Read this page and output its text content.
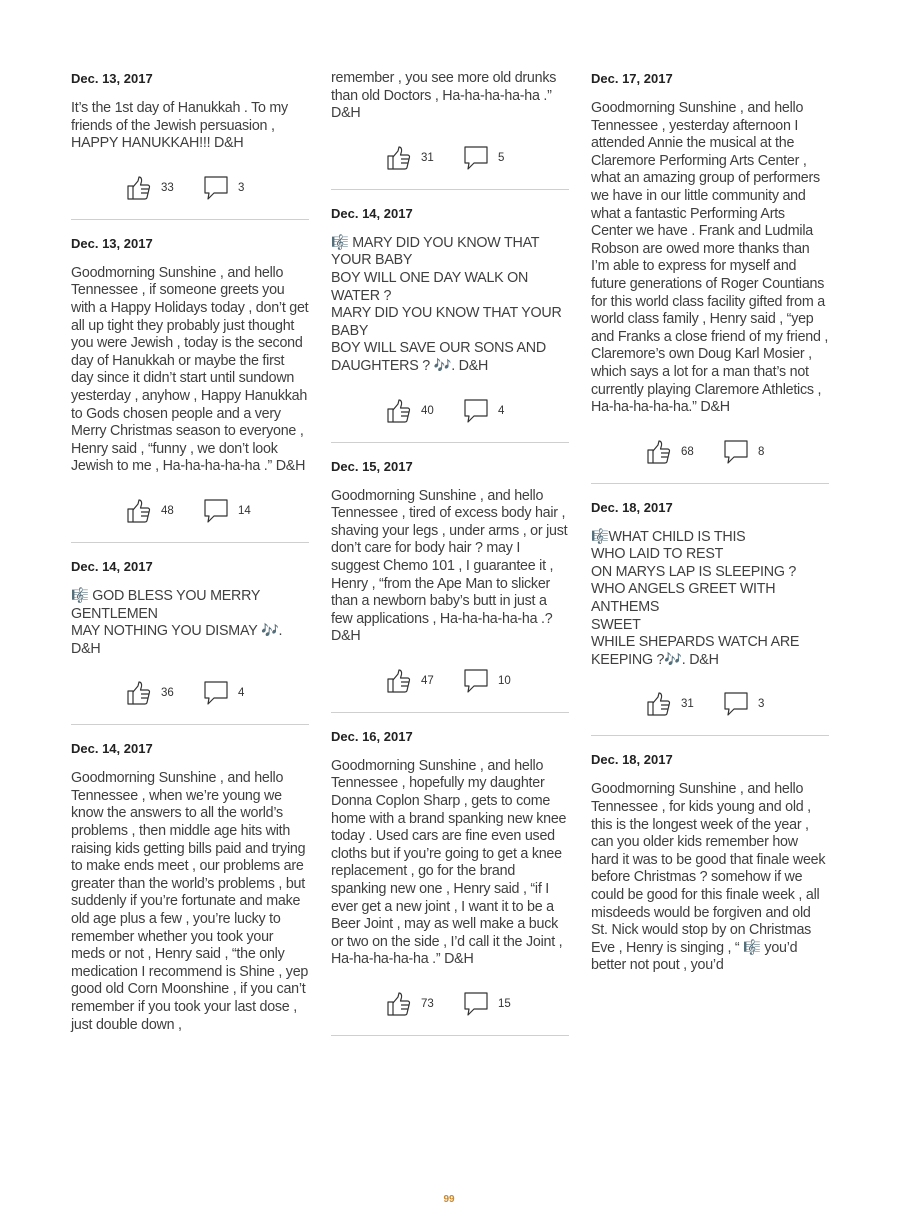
Dec. 13, 2017
It’s the 1st day of Hanukkah . To my friends of the Jewish persuasion , HAPPY HANUKKAH!!! D&H
33	3
Dec. 13, 2017
Goodmorning Sunshine , and hello Tennessee , if someone greets you with a Happy Holidays today , don’t get all up tight they probably just thought you were Jewish , today is the second day of Hanukkah or maybe the first day since it didn’t start until sundown yesterday , anyhow , Happy Hanukkah to Gods chosen people and a very Merry Christmas season to everyone , Henry said , “funny , we don’t look Jewish to me , Ha-ha-ha-ha-ha .” D&H
48	14
Dec. 14, 2017
🎼 GOD BLESS YOU MERRY GENTLEMEN
MAY NOTHING YOU DISMAY 🎶. D&H
36	4
Dec. 14, 2017
Goodmorning Sunshine , and hello Tennessee , when we’re young we know the answers to all the world’s problems , then middle age hits with raising kids getting bills paid and trying to make ends meet , our problems are greater than the world’s problems , but suddenly if you’re fortunate and make old age plus a few , you’re lucky to remember whether you took your meds or not , Henry said , “the only medication I recommend is Shine , yep good old Corn Moonshine , if you can’t remember if you took your last dose , just double down ,
remember , you see more old drunks than old Doctors , Ha-ha-ha-ha-ha .” D&H
31	5
Dec. 14, 2017
🎼 MARY DID YOU KNOW THAT YOUR BABY
BOY WILL ONE DAY WALK ON WATER ?
MARY DID YOU KNOW THAT YOUR BABY
BOY WILL SAVE OUR SONS AND DAUGHTERS ? 🎶. D&H
40	4
Dec. 15, 2017
Goodmorning Sunshine , and hello Tennessee , tired of excess body hair , shaving your legs , under arms , or just don’t care for body hair ? may I suggest Chemo 101 , I guarantee it , Henry , “from the Ape Man to slicker than a newborn baby’s butt in just a few applications , Ha-ha-ha-ha-ha .? D&H
47	10
Dec. 16, 2017
Goodmorning Sunshine , and hello Tennessee , hopefully my daughter Donna Coplon Sharp , gets to come home with a brand spanking new knee today . Used cars are fine even used cloths but if you’re going to get a knee replacement , go for the brand spanking new one , Henry said , “if I ever get a new joint , I want it to be a Beer Joint , may as well make a buck or two on the side , I’d call it the Joint , Ha-ha-ha-ha-ha .” D&H
73	15
Dec. 17, 2017
Goodmorning Sunshine , and hello Tennessee , yesterday afternoon I attended Annie the musical at the Claremore Performing Arts Center , what an amazing group of performers we have in our little community and what a fantastic Performing Arts Center we have . Frank and Ludmila Robson are owed more thanks than I’m able to express for myself and future generations of Roger Countians for this world class facility gifted from a world class family , Henry said , “yep and Franks a close friend of my friend , Claremore’s own Doug Karl Mosier , which says a lot for a man that’s not currently playing Claremore Athletics ,
Ha-ha-ha-ha-ha.” D&H
68	8
Dec. 18, 2017
🎼WHAT CHILD IS THIS
WHO LAID TO REST
ON MARYS LAP IS SLEEPING ?
WHO ANGELS GREET WITH ANTHEMS
SWEET
WHILE SHEPARDS WATCH ARE KEEPING ?🎶. D&H
31	3
Dec. 18, 2017
Goodmorning Sunshine , and hello Tennessee , for kids young and old , this is the longest week of the year , can you older kids remember how hard it was to be good that finale week before Christmas ? somehow if we could be good for this finale week , all misdeeds would be forgiven and old St. Nick would stop by on Christmas Eve , Henry is singing , “ 🎼 you’d better not pout , you’d
99
